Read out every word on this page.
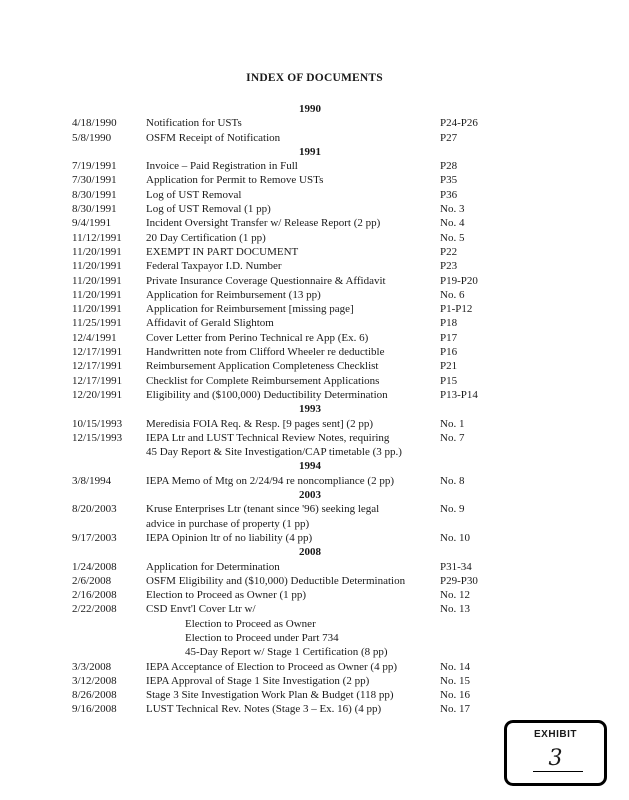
INDEX OF DOCUMENTS
1990
4/18/1990	Notification for USTs	P24-P26
5/8/1990	OSFM Receipt of Notification	P27
1991
7/19/1991	Invoice – Paid Registration in Full	P28
7/30/1991	Application for Permit to Remove USTs	P35
8/30/1991	Log of UST Removal	P36
8/30/1991	Log of UST Removal (1 pp)	No. 3
9/4/1991	Incident Oversight Transfer w/ Release Report (2 pp)	No. 4
11/12/1991 20 Day Certification (1 pp)	No. 5
11/20/1991 EXEMPT IN PART DOCUMENT	P22
11/20/1991 Federal Taxpayor I.D. Number	P23
11/20/1991 Private Insurance Coverage Questionnaire & Affidavit	P19-P20
11/20/1991 Application for Reimbursement (13 pp)	No. 6
11/20/1991 Application for Reimbursement [missing page]	P1-P12
11/25/1991 Affidavit of Gerald Slightom	P18
12/4/1991	Cover Letter from Perino Technical re App (Ex. 6)	P17
12/17/1991 Handwritten note from Clifford Wheeler re deductible	P16
12/17/1991 Reimbursement Application Completeness Checklist	P21
12/17/1991 Checklist for Complete Reimbursement Applications	P15
12/20/1991 Eligibility and ($100,000) Deductibility Determination	P13-P14
1993
10/15/1993 Meredisia FOIA Req. & Resp. [9 pages sent] (2 pp)	No. 1
12/15/1993 IEPA Ltr and LUST Technical Review Notes, requiring	No. 7
45 Day Report & Site Investigation/CAP timetable (3 pp.)
1994
3/8/1994	IEPA Memo of Mtg on 2/24/94 re noncompliance (2 pp)	No. 8
2003
8/20/2003	Kruse Enterprises Ltr (tenant since '96) seeking legal	No. 9
advice in purchase of property (1 pp)
9/17/2003	IEPA Opinion ltr of no liability (4 pp)	No. 10
2008
1/24/2008	Application for Determination	P31-34
2/6/2008	OSFM Eligibility and ($10,000) Deductible Determination	P29-P30
2/16/2008	Election to Proceed as Owner (1 pp)	No. 12
2/22/2008	CSD Envt'l Cover Ltr w/	No. 13
Election to Proceed as Owner
Election to Proceed under Part 734
45-Day Report w/ Stage 1 Certification (8 pp)
3/3/2008	IEPA Acceptance of Election to Proceed as Owner (4 pp)	No. 14
3/12/2008	IEPA Approval of Stage 1 Site Investigation (2 pp)	No. 15
8/26/2008	Stage 3 Site Investigation Work Plan & Budget (118 pp)	No. 16
9/16/2008	LUST Technical Rev. Notes (Stage 3 – Ex. 16) (4 pp)	No. 17
EXHIBIT
3
